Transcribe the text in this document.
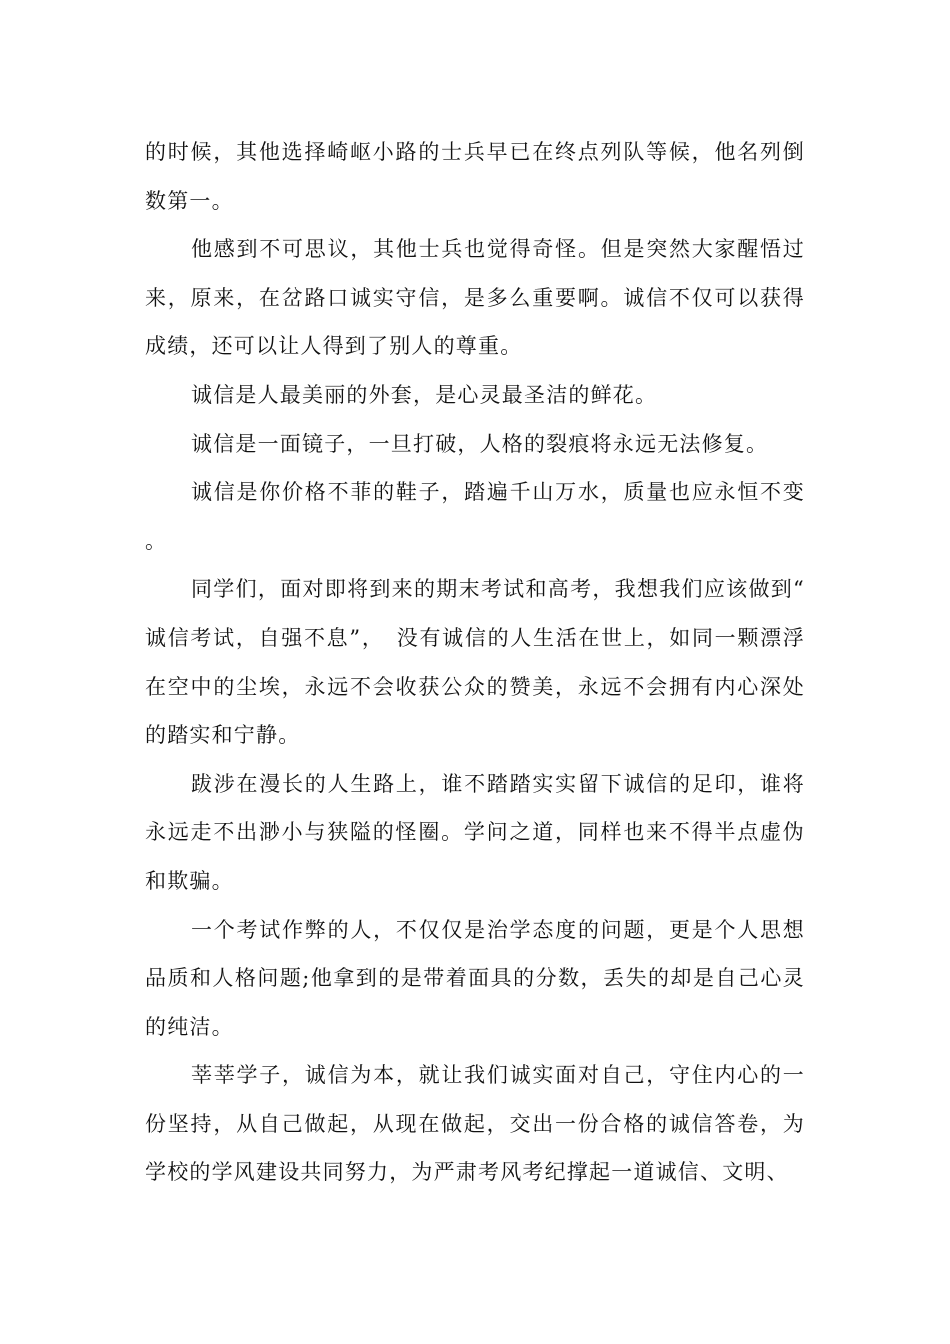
的时候，其他选择崎岖小路的士兵早已在终点列队等候，他名列倒数第一。

他感到不可思议，其他士兵也觉得奇怪。但是突然大家醒悟过来，原来，在岔路口诚实守信，是多么重要啊。诚信不仅可以获得成绩，还可以让人得到了别人的尊重。

诚信是人最美丽的外套，是心灵最圣洁的鲜花。

诚信是一面镜子，一旦打破，人格的裂痕将永远无法修复。

诚信是你价格不菲的鞋子，踏遍千山万水，质量也应永恒不变。

同学们，面对即将到来的期末考试和高考，我想我们应该做到“诚信考试，自强不息”，　没有诚信的人生活在世上，如同一颗漂浮在空中的尘埃，永远不会收获公众的赞美，永远不会拥有内心深处的踏实和宁静。

跋涉在漫长的人生路上，谁不踏踏实实留下诚信的足印，谁将永远走不出渺小与狭隘的怪圈。学问之道，同样也来不得半点虚伪和欺骗。

一个考试作弊的人，不仅仅是治学态度的问题，更是个人思想品质和人格问题;他拿到的是带着面具的分数，丢失的却是自己心灵的纯洁。

莘莘学子，诚信为本，就让我们诚实面对自己，守住内心的一份坚持，从自己做起，从现在做起，交出一份合格的诚信答卷，为学校的学风建设共同努力，为严肃考风考纪撑起一道诚信、文明、
